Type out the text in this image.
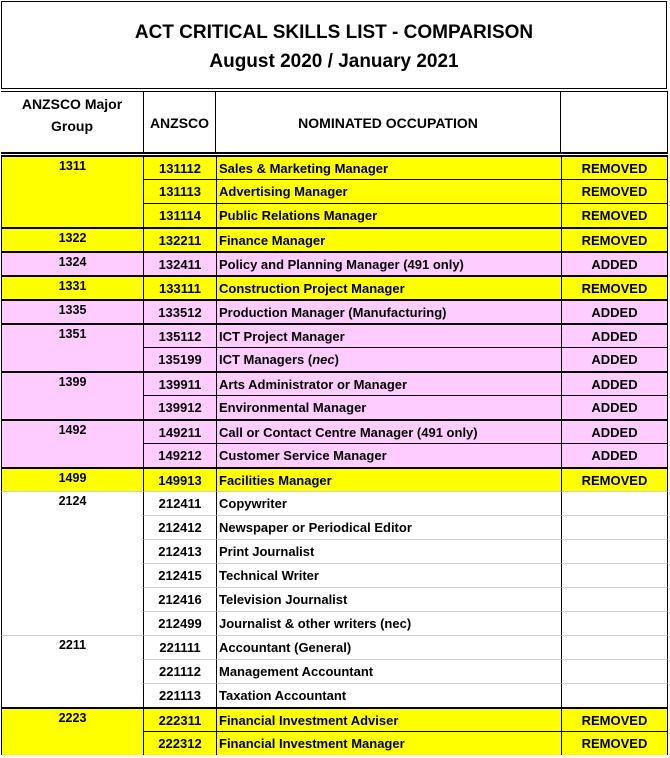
ACT CRITICAL SKILLS LIST - COMPARISON
August 2020 / January 2021
ANZSCO Major Group	ANZSCO	NOMINATED OCCUPATION
1311	131112	Sales & Marketing Manager	REMOVED
131113	Advertising Manager	REMOVED
131114	Public Relations Manager	REMOVED
1322	132211	Finance Manager	REMOVED
1324	132411	Policy and Planning Manager (491 only)	ADDED
1331	133111	Construction Project Manager	REMOVED
1335	133512	Production Manager (Manufacturing)	ADDED
1351	135112	ICT Project Manager	ADDED
135199	ICT Managers (nec)	ADDED
1399	139911	Arts Administrator or Manager	ADDED
139912	Environmental Manager	ADDED
1492	149211	Call or Contact Centre Manager (491 only)	ADDED
149212	Customer Service Manager	ADDED
1499	149913	Facilities Manager	REMOVED
2124	212411	Copywriter
212412	Newspaper or Periodical Editor
212413	Print Journalist
212415	Technical Writer
212416	Television Journalist
212499	Journalist & other writers (nec)
2211	221111	Accountant (General)
221112	Management Accountant
221113	Taxation Accountant
2223	222311	Financial Investment Adviser	REMOVED
222312	Financial Investment Manager	REMOVED
